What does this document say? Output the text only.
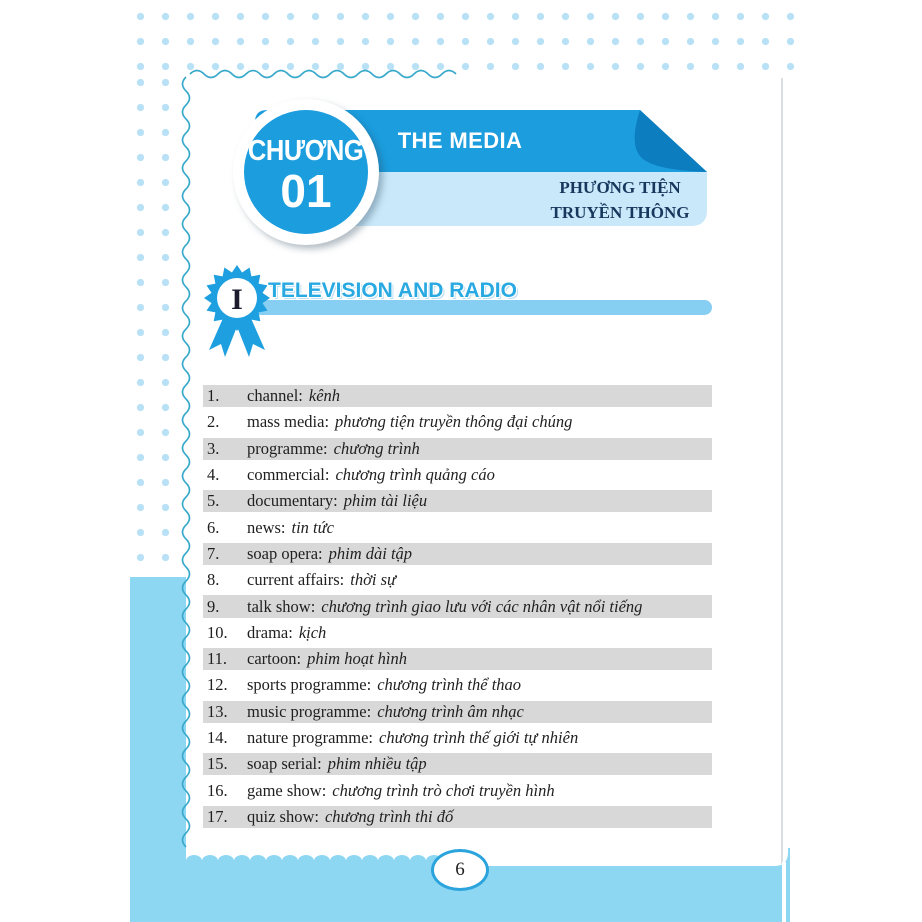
THE MEDIA
PHƯƠNG TIỆN
TRUYỀN THÔNG
CHƯƠNG
01
I TELEVISION AND RADIO
1.	channel: kênh
2.	mass media: phương tiện truyền thông đại chúng
3.	programme: chương trình
4.	commercial: chương trình quảng cáo
5.	documentary: phim tài liệu
6.	news: tin tức
7.	soap opera: phim dài tập
8.	current affairs: thời sự
9.	talk show: chương trình giao lưu với các nhân vật nổi tiếng
10.	drama: kịch
11.	cartoon: phim hoạt hình
12.	sports programme: chương trình thể thao
13.	music programme: chương trình âm nhạc
14.	nature programme: chương trình thế giới tự nhiên
15.	soap serial: phim nhiều tập
16.	game show: chương trình trò chơi truyền hình
17.	quiz show: chương trình thi đố
6
